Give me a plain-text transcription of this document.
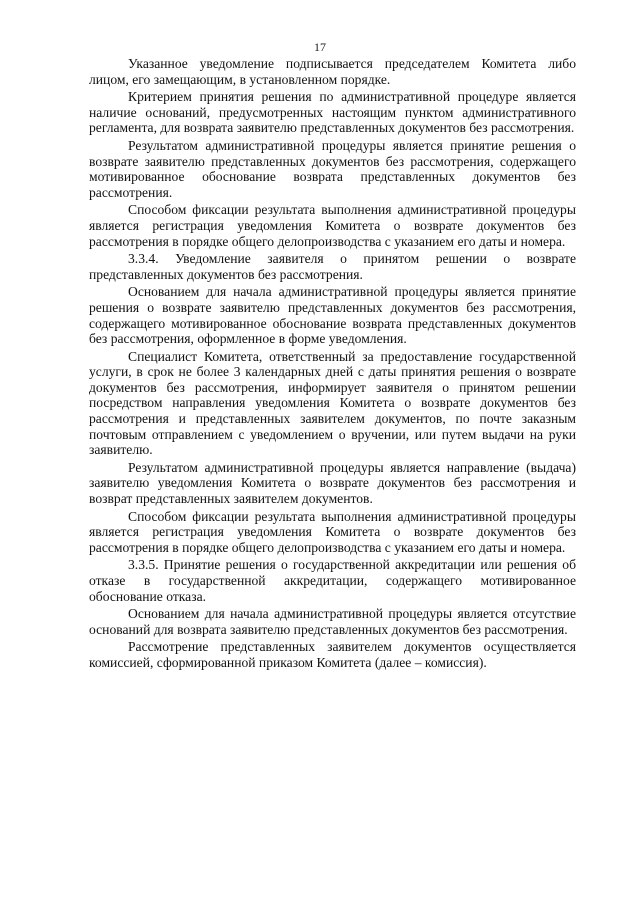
17

Указанное уведомление подписывается председателем Комитета либо лицом, его замещающим, в установленном порядке.

Критерием принятия решения по административной процедуре является наличие оснований, предусмотренных настоящим пунктом административного регламента, для возврата заявителю представленных документов без рассмотрения.

Результатом административной процедуры является принятие решения о возврате заявителю представленных документов без рассмотрения, содержащего мотивированное обоснование возврата представленных документов без рассмотрения.

Способом фиксации результата выполнения административной процедуры является регистрация уведомления Комитета о возврате документов без рассмотрения в порядке общего делопроизводства с указанием его даты и номера.

3.3.4. Уведомление заявителя о принятом решении о возврате представленных документов без рассмотрения.

Основанием для начала административной процедуры является принятие решения о возврате заявителю представленных документов без рассмотрения, содержащего мотивированное обоснование возврата представленных документов без рассмотрения, оформленное в форме уведомления.

Специалист Комитета, ответственный за предоставление государственной услуги, в срок не более 3 календарных дней с даты принятия решения о возврате документов без рассмотрения, информирует заявителя о принятом решении посредством направления уведомления Комитета о возврате документов без рассмотрения и представленных заявителем документов, по почте заказным почтовым отправлением с уведомлением о вручении, или путем выдачи на руки заявителю.

Результатом административной процедуры является направление (выдача) заявителю уведомления Комитета о возврате документов без рассмотрения и возврат представленных заявителем документов.

Способом фиксации результата выполнения административной процедуры является регистрация уведомления Комитета о возврате документов без рассмотрения в порядке общего делопроизводства с указанием его даты и номера.

3.3.5. Принятие решения о государственной аккредитации или решения об отказе в государственной аккредитации, содержащего мотивированное обоснование отказа.

Основанием для начала административной процедуры является отсутствие оснований для возврата заявителю представленных документов без рассмотрения.

Рассмотрение представленных заявителем документов осуществляется комиссией, сформированной приказом Комитета (далее – комиссия).
